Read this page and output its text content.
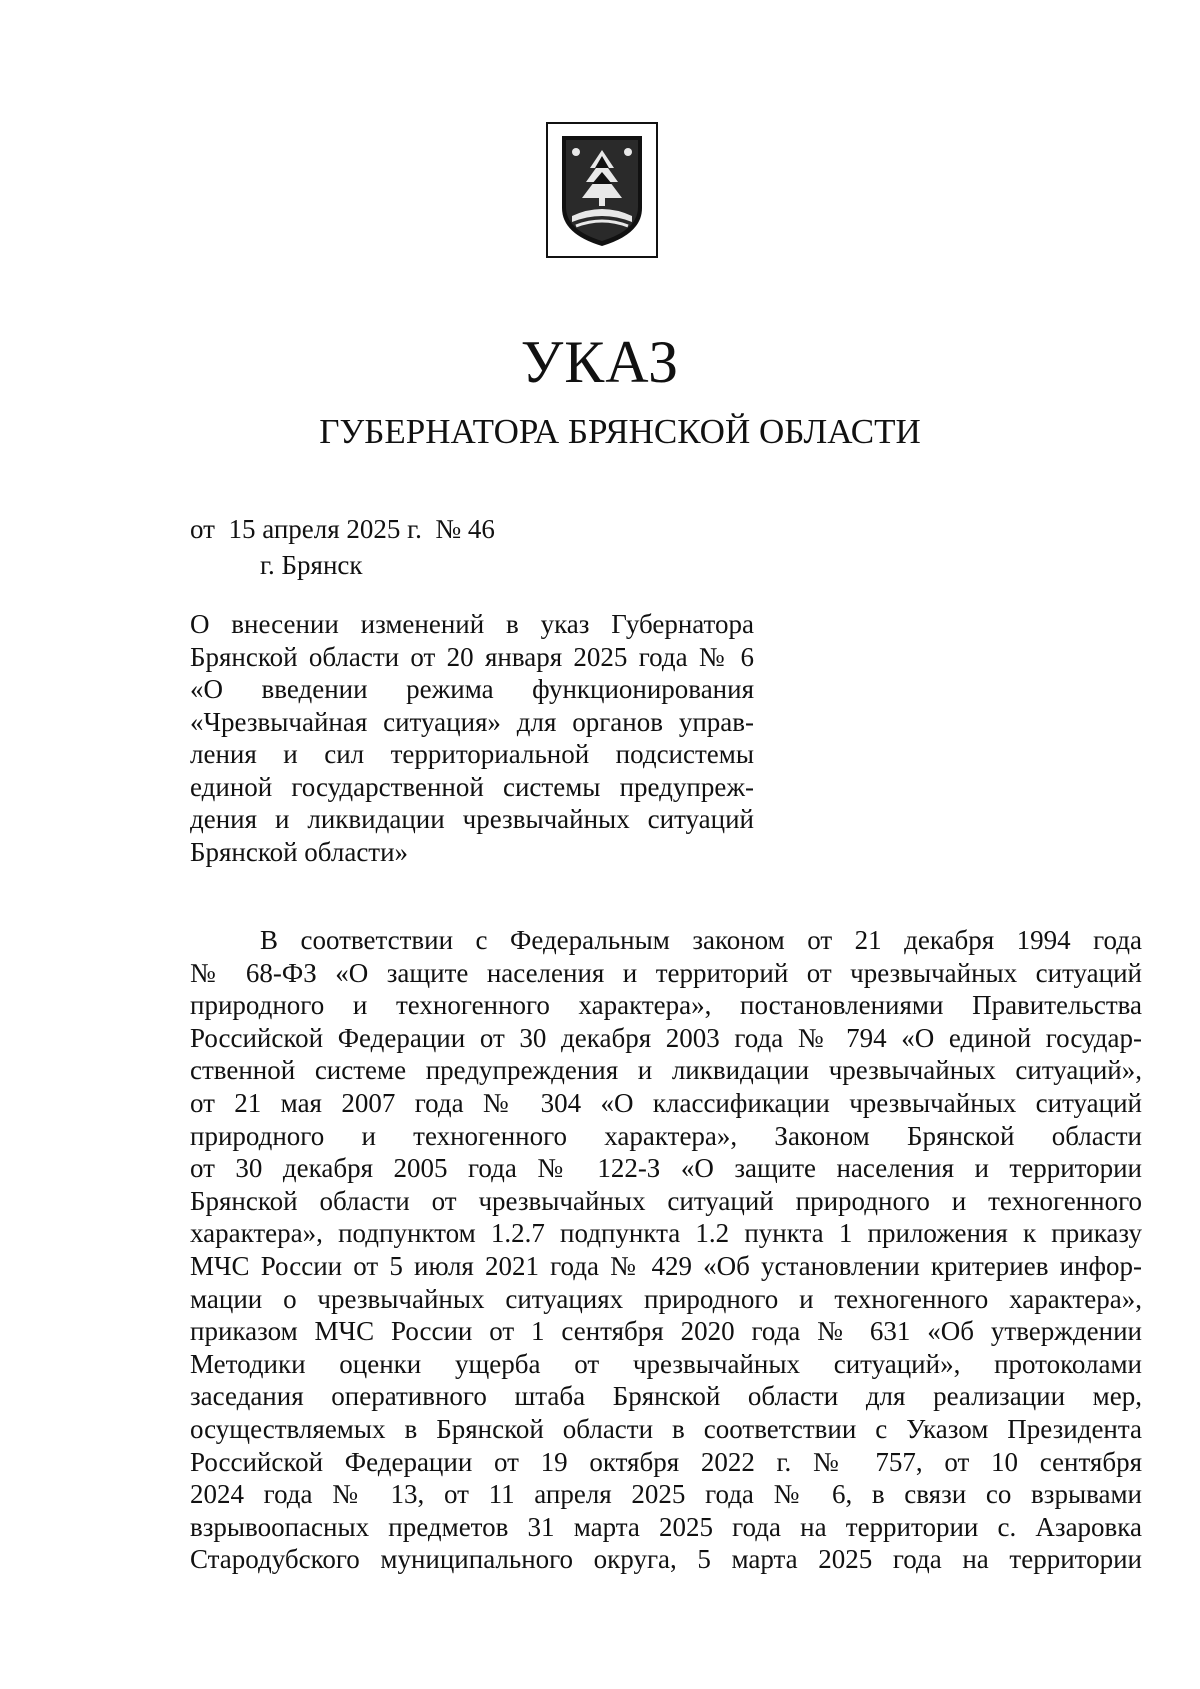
УКАЗ
ГУБЕРНАТОРА БРЯНСКОЙ ОБЛАСТИ
от  15 апреля 2025 г.  № 46
г. Брянск
О внесении изменений в указ Губернатора
Брянской области от 20 января 2025 года № 6
«О введении режима функционирования
«Чрезвычайная ситуация» для органов управ-
ления и сил территориальной подсистемы
единой государственной системы предупреж-
дения и ликвидации чрезвычайных ситуаций
Брянской области»
В соответствии с Федеральным законом от 21 декабря 1994 года
№ 68-ФЗ «О защите населения и территорий от чрезвычайных ситуаций
природного и техногенного характера», постановлениями Правительства
Российской Федерации от 30 декабря 2003 года № 794 «О единой государ-
ственной системе предупреждения и ликвидации чрезвычайных ситуаций»,
от 21 мая 2007 года № 304 «О классификации чрезвычайных ситуаций
природного и техногенного характера», Законом Брянской области
от 30 декабря 2005 года № 122-З «О защите населения и территории
Брянской области от чрезвычайных ситуаций природного и техногенного
характера», подпунктом 1.2.7 подпункта 1.2 пункта 1 приложения к приказу
МЧС России от 5 июля 2021 года № 429 «Об установлении критериев инфор-
мации о чрезвычайных ситуациях природного и техногенного характера»,
приказом МЧС России от 1 сентября 2020 года № 631 «Об утверждении
Методики оценки ущерба от чрезвычайных ситуаций», протоколами
заседания оперативного штаба Брянской области для реализации мер,
осуществляемых в Брянской области в соответствии с Указом Президента
Российской Федерации от 19 октября 2022 г. № 757, от 10 сентября
2024 года № 13, от 11 апреля 2025 года № 6, в связи со взрывами
взрывоопасных предметов 31 марта 2025 года на территории с. Азаровка
Стародубского муниципального округа, 5 марта 2025 года на территории
